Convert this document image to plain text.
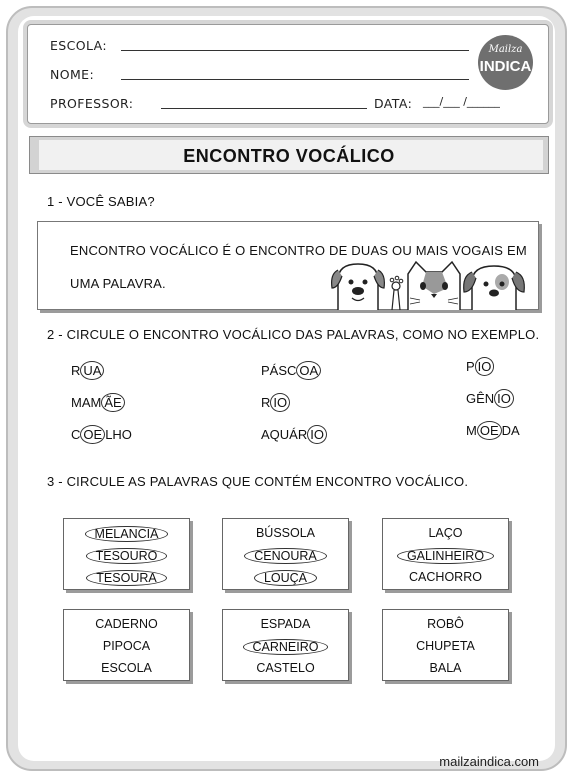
ESCOLA:
NOME:
PROFESSOR:	DATA: ___/___ /______
Mailza
INDICA
ENCONTRO VOCÁLICO
1 - VOCÊ SABIA?
ENCONTRO VOCÁLICO É O ENCONTRO DE DUAS OU MAIS VOGAIS EM
UMA PALAVRA.
2 - CIRCULE O ENCONTRO VOCÁLICO DAS PALAVRAS, COMO NO EXEMPLO.
R UA
MAM ÃE
C OE LHO
PÁSC OA
R IO
AQUÁR IO
P IO
GÊN IO
M OE DA
3 - CIRCULE AS PALAVRAS QUE CONTÉM ENCONTRO VOCÁLICO.
MELANCIA
TESOURO
TESOURA
BÚSSOLA
CENOURA
LOUÇA
LAÇO
GALINHEIRO
CACHORRO
CADERNO
PIPOCA
ESCOLA
ESPADA
CARNEIRO
CASTELO
ROBÔ
CHUPETA
BALA
mailzaindica.com
